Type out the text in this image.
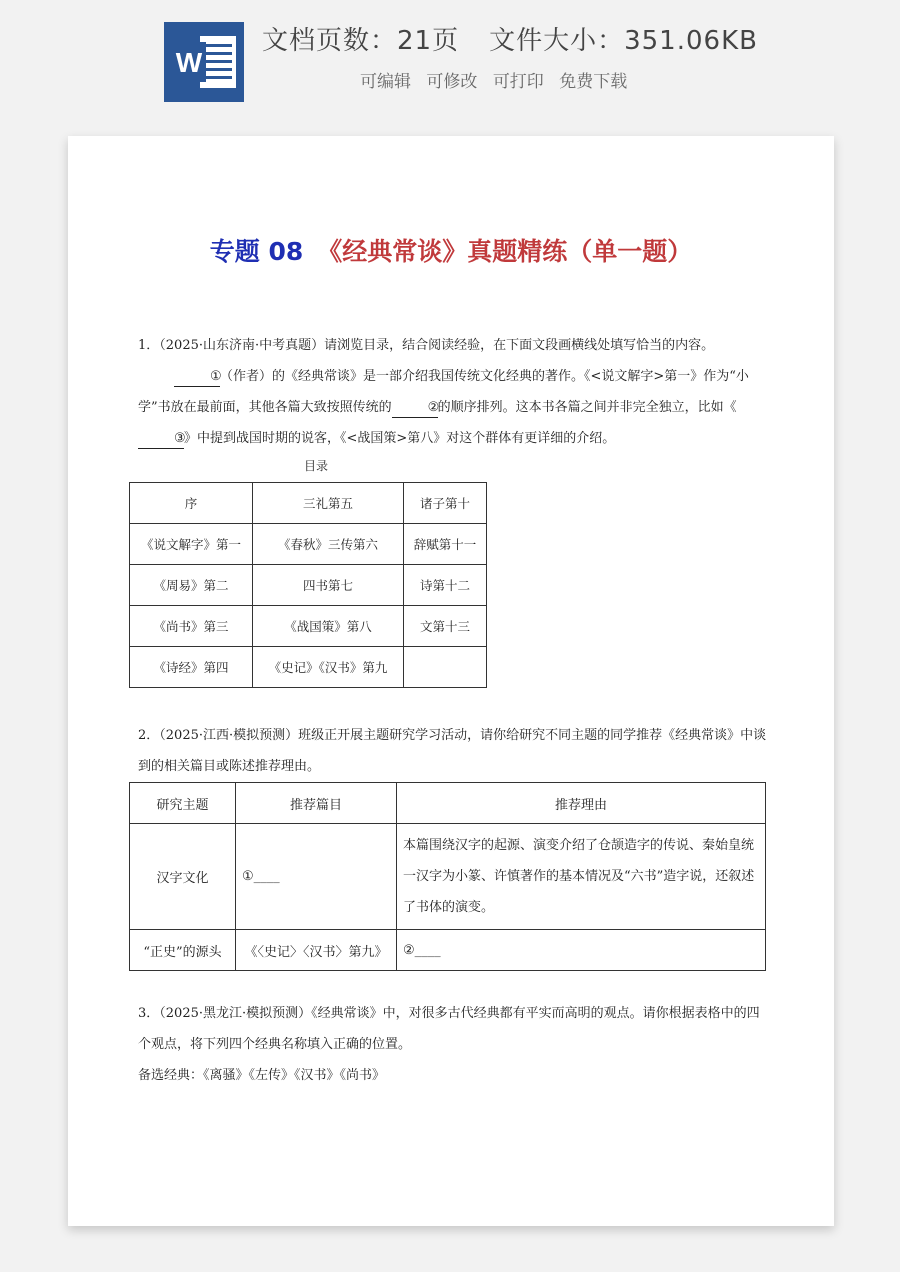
W
文档页数：21页 文件大小：351.06KB
可编辑 可修改 可打印 免费下载
专题 08 《经典常谈》真题精练（单一题）
1．（2025·山东济南·中考真题）请浏览目录，结合阅读经验，在下面文段画横线处填写恰当的内容。
①（作者）的《经典常谈》是一部介绍我国传统文化经典的著作。《<说文解字>第一》作为“小学”书放在最前面，其他各篇大致按照传统的	②的顺序排列。这本书各篇之间并非完全独立，比如《③》中提到战国时期的说客，《<战国策>第八》对这个群体有更详细的介绍。
目录
序	三礼第五	诸子第十
《说文解字》第一	《春秋》三传第六	辞赋第十一
《周易》第二	四书第七	诗第十二
《尚书》第三	《战国策》第八	文第十三
《诗经》第四	《史记》《汉书》第九	
2．（2025·江西·模拟预测）班级正开展主题研究学习活动，请你给研究不同主题的同学推荐《经典常谈》中谈到的相关篇目或陈述推荐理由。
研究主题	推荐篇目	推荐理由
汉字文化	①____	本篇围绕汉字的起源、演变介绍了仓颉造字的传说、秦始皇统一汉字为小篆、许慎著作的基本情况及“六书”造字说，还叙述了书体的演变。
“正史”的源头	《〈史记〉〈汉书〉第九》	②____
3．（2025·黑龙江·模拟预测）《经典常谈》中，对很多古代经典都有平实而高明的观点。请你根据表格中的四个观点，将下列四个经典名称填入正确的位置。
备选经典：《离骚》《左传》《汉书》《尚书》
